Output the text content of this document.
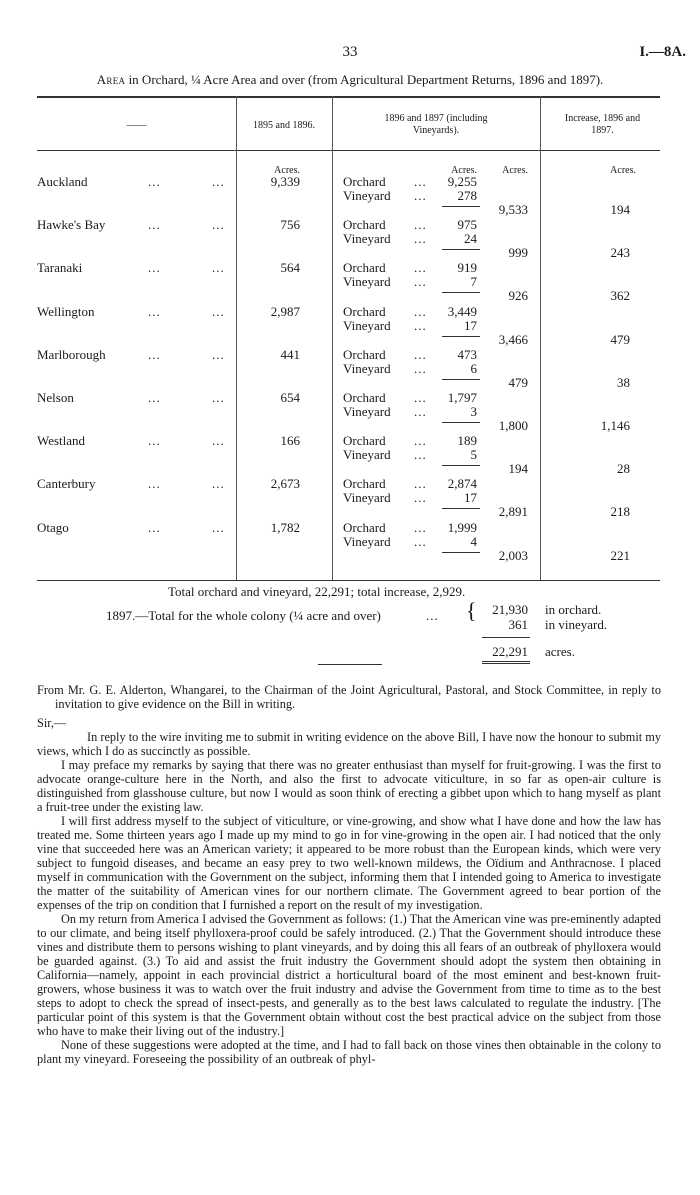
33	I.—8A.
Area in Orchard, ¼ Acre Area and over (from Agricultural Department Returns, 1896 and 1897).
——	1895 and 1896.
1896 and 1897 (including Vineyards).
Increase, 1896 and 1897.
Acres.	Acres.	Acres.	Acres.
Auckland	...	...	9,339	Orchard ...	9,255
Vineyard ...	278
9,533	194
Hawke's Bay	...	...	756	Orchard ...	975
Vineyard ...	24
999	243
Taranaki	...	...	564	Orchard ...	919
Vineyard ...	7
926	362
Wellington	...	...	2,987	Orchard ...	3,449
Vineyard ...	17
3,466	479
Marlborough	...	...	441	Orchard ...	473
Vineyard ...	6
479	38
Nelson	...	...	654	Orchard ...	1,797
Vineyard ...	3
1,800	1,146
Westland	...	...	166	Orchard ...	189
Vineyard ...	5
194	28
Canterbury	...	...	2,673	Orchard ...	2,874
Vineyard ...	17
2,891	218
Otago	...	...	1,782	Orchard ...	1,999
Vineyard ...	4
2,003	221
Total orchard and vineyard, 22,291; total increase, 2,929.
1897.—Total for the whole colony (¼ acre and over)	... {	21,930 in orchard.
361 in vineyard.
22,291 acres.

From Mr. G. E. Alderton, Whangarei, to the Chairman of the Joint Agricultural, Pastoral, and Stock Committee, in reply to invitation to give evidence on the Bill in writing.

Sir,—

In reply to the wire inviting me to submit in writing evidence on the above Bill, I have now the honour to submit my views, which I do as succinctly as possible.

I may preface my remarks by saying that there was no greater enthusiast than myself for fruit-growing. I was the first to advocate orange-culture here in the North, and also the first to advocate viticulture, in so far as open-air culture is distinguished from glasshouse culture, but now I would as soon think of erecting a gibbet upon which to hang myself as plant a fruit-tree under the existing law.

I will first address myself to the subject of viticulture, or vine-growing, and show what I have done and how the law has treated me. Some thirteen years ago I made up my mind to go in for vine-growing in the open air. I had noticed that the only vine that succeeded here was an American variety; it appeared to be more robust than the European kinds, which were very subject to fungoid diseases, and became an easy prey to two well-known mildews, the Oïdium and Anthracnose. I placed myself in communication with the Government on the subject, informing them that I intended going to America to investigate the matter of the suitability of American vines for our northern climate. The Government agreed to bear portion of the expenses of the trip on condition that I furnished a report on the result of my investigation.

On my return from America I advised the Government as follows: (1.) That the American vine was pre-eminently adapted to our climate, and being itself phylloxera-proof could be safely introduced. (2.) That the Government should introduce these vines and distribute them to persons wishing to plant vineyards, and by doing this all fears of an outbreak of phylloxera would be guarded against. (3.) To aid and assist the fruit industry the Government should adopt the system then obtaining in California—namely, appoint in each provincial district a horticultural board of the most eminent and best-known fruit-growers, whose business it was to watch over the fruit industry and advise the Government from time to time as to the best steps to adopt to check the spread of insect-pests, and generally as to the best laws calculated to regulate the industry. [The particular point of this system is that the Government obtain without cost the best practical advice on the subject from those who have to make their living out of the industry.]

None of these suggestions were adopted at the time, and I had to fall back on those vines then obtainable in the colony to plant my vineyard. Foreseeing the possibility of an outbreak of phyl-
